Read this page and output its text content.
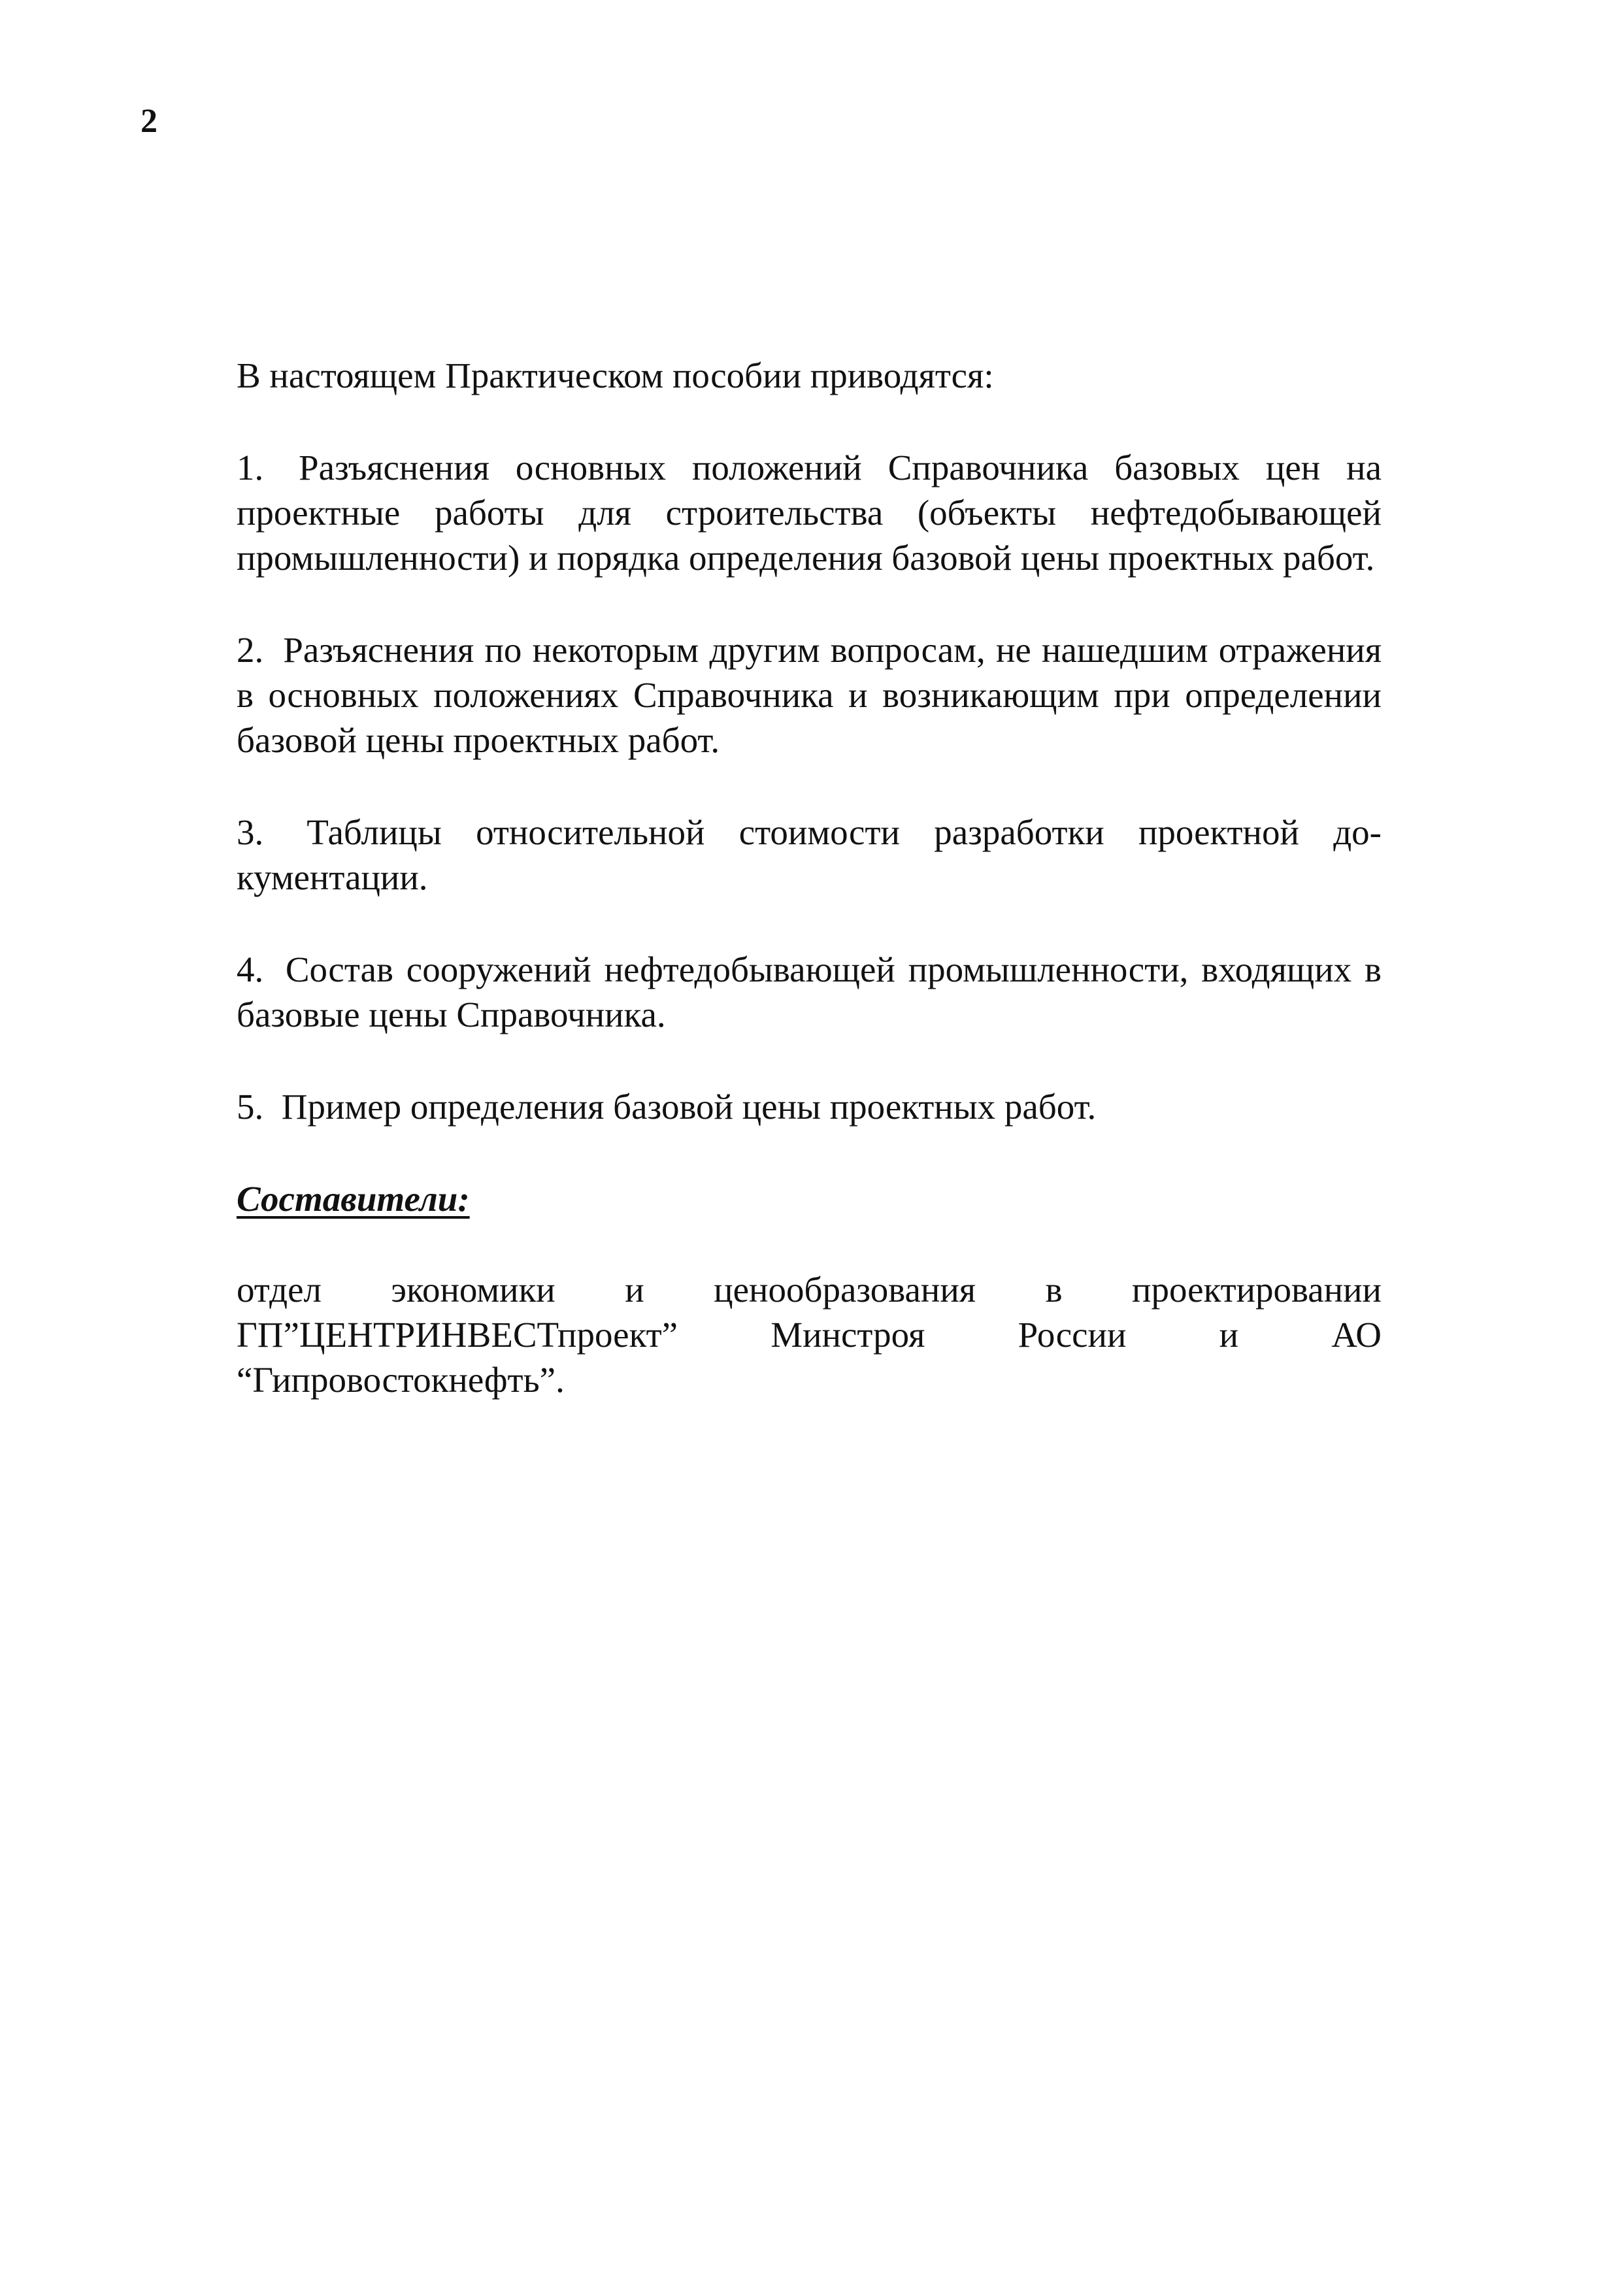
2

В настоящем Практическом пособии приводятся:

1. Разъяснения основных положений Справочника базовых цен на проектные работы для строительства (объекты нефтедобывающей промышленности) и порядка определения базовой цены проектных работ.

2. Разъяснения по некоторым другим вопросам, не нашедшим отражения в основных положениях Справочника и возникающим при определении базовой цены проектных работ.

3. Таблицы относительной стоимости разработки проектной документации.

4. Состав сооружений нефтедобывающей промышленности, входящих в базовые цены Справочника.

5. Пример определения базовой цены проектных работ.

Составители:

отдел экономики и ценообразования в проектировании
ГП”ЦЕНТРИНВЕСТпроект” Минстроя России и АО
“Гипровостокнефть”.
